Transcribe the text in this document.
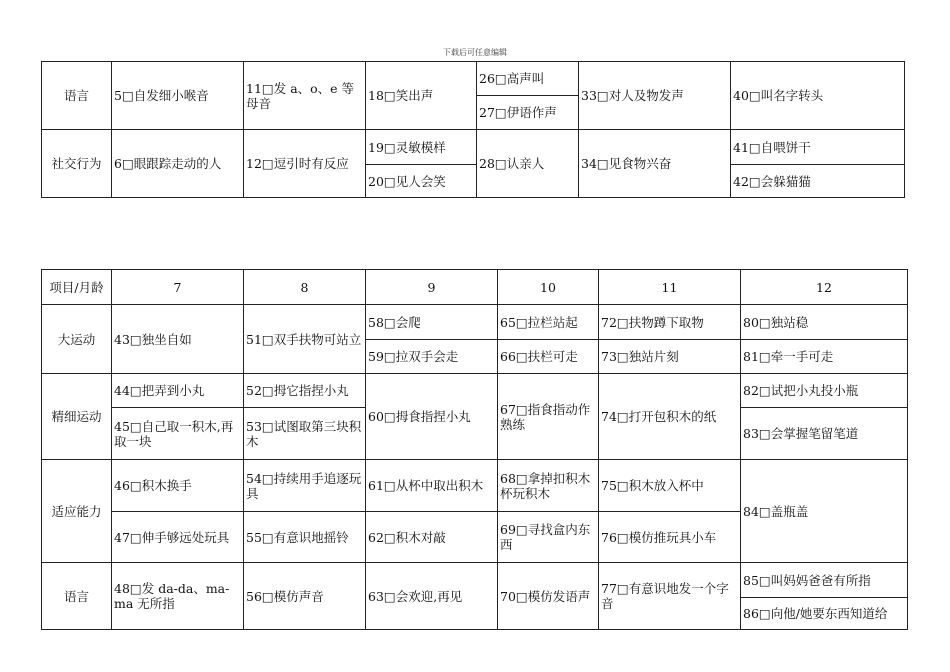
下载后可任意编辑
语言	5□自发细小喉音	11□发 a、o、e 等母音	18□笑出声	26□高声叫	33□对人及物发声	40□叫名字转头
				27□伊语作声		
社交行为	6□眼跟踪走动的人	12□逗引时有反应	19□灵敏模样	28□认亲人	34□见食物兴奋	41□自喂饼干
			20□见人会笑			42□会躲猫猫
项目/月龄	7	8	9	10	11	12
大运动	43□独坐自如	51□双手扶物可站立	58□会爬	65□拉栏站起	72□扶物蹲下取物	80□独站稳
			59□拉双手会走	66□扶栏可走	73□独站片刻	81□牵一手可走
精细运动	44□把弄到小丸	52□拇它指捏小丸	60□拇食指捏小丸	67□指食指动作熟练	74□打开包积木的纸	82□试把小丸投小瓶
	45□自己取一积木,再取一块	53□试图取第三块积木				83□会掌握笔留笔道
适应能力	46□积木换手	54□持续用手追逐玩具	61□从杯中取出积木	68□拿掉扣积木杯玩积木	75□积木放入杯中	84□盖瓶盖
	47□伸手够远处玩具	55□有意识地摇铃	62□积木对敲	69□寻找盒内东西	76□模仿推玩具小车	
语言	48□发 da-da、ma-ma 无所指	56□模仿声音	63□会欢迎,再见	70□模仿发语声	77□有意识地发一个字音	85□叫妈妈爸爸有所指
						86□向他/她要东西知道给
